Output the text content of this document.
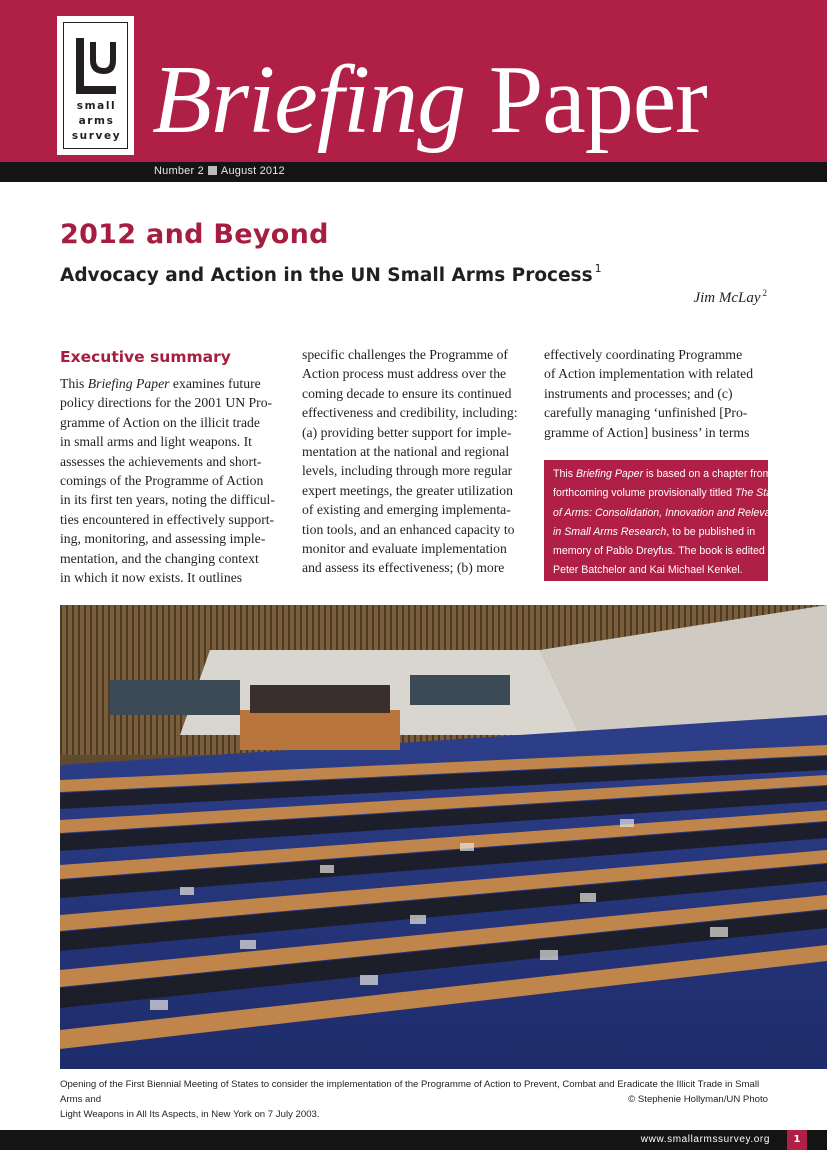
small
arms
survey Briefing Paper
Number 2 August 2012
2012 and Beyond
Advocacy and Action in the UN Small Arms Process $^1$
Jim McLay $^2$
Executive summary

This Briefing Paper examines future

policy directions for the 2001 UN Pro-

gramme of Action on the illicit trade

in small arms and light weapons. It

assesses the achievements and short-

comings of the Programme of Action

in its first ten years, noting the difficul-

ties encountered in effectively support-

ing, monitoring, and assessing imple-

mentation, and the changing context

in which it now exists. It outlines

specific challenges the Programme of

Action process must address over the

coming decade to ensure its continued

effectiveness and credibility, including:

(a) providing better support for imple-

mentation at the national and regional

levels, including through more regular

expert meetings, the greater utilization

of existing and emerging implementa-

tion tools, and an enhanced capacity to

monitor and evaluate implementation

and assess its effectiveness; (b) more

effectively coordinating Programme

of Action implementation with related

instruments and processes; and (c)

carefully managing ‘unfinished [Pro-

gramme of Action] business’ in terms

This Briefing Paper is based on a chapter from a

forthcoming volume provisionally titled The State

of Arms: Consolidation, Innovation and Relevance

in Small Arms Research, to be published in

memory of Pablo Dreyfus. The book is edited by

Peter Batchelor and Kai Michael Kenkel.

Opening of the First Biennial Meeting of States to consider the implementation of the Programme of Action to Prevent, Combat and Eradicate the Illicit Trade in Small Arms and
Light Weapons in All Its Aspects, in New York on 7 July 2003.
© Stephenie Hollyman/UN Photo
www.smallarmssurvey.org	1
